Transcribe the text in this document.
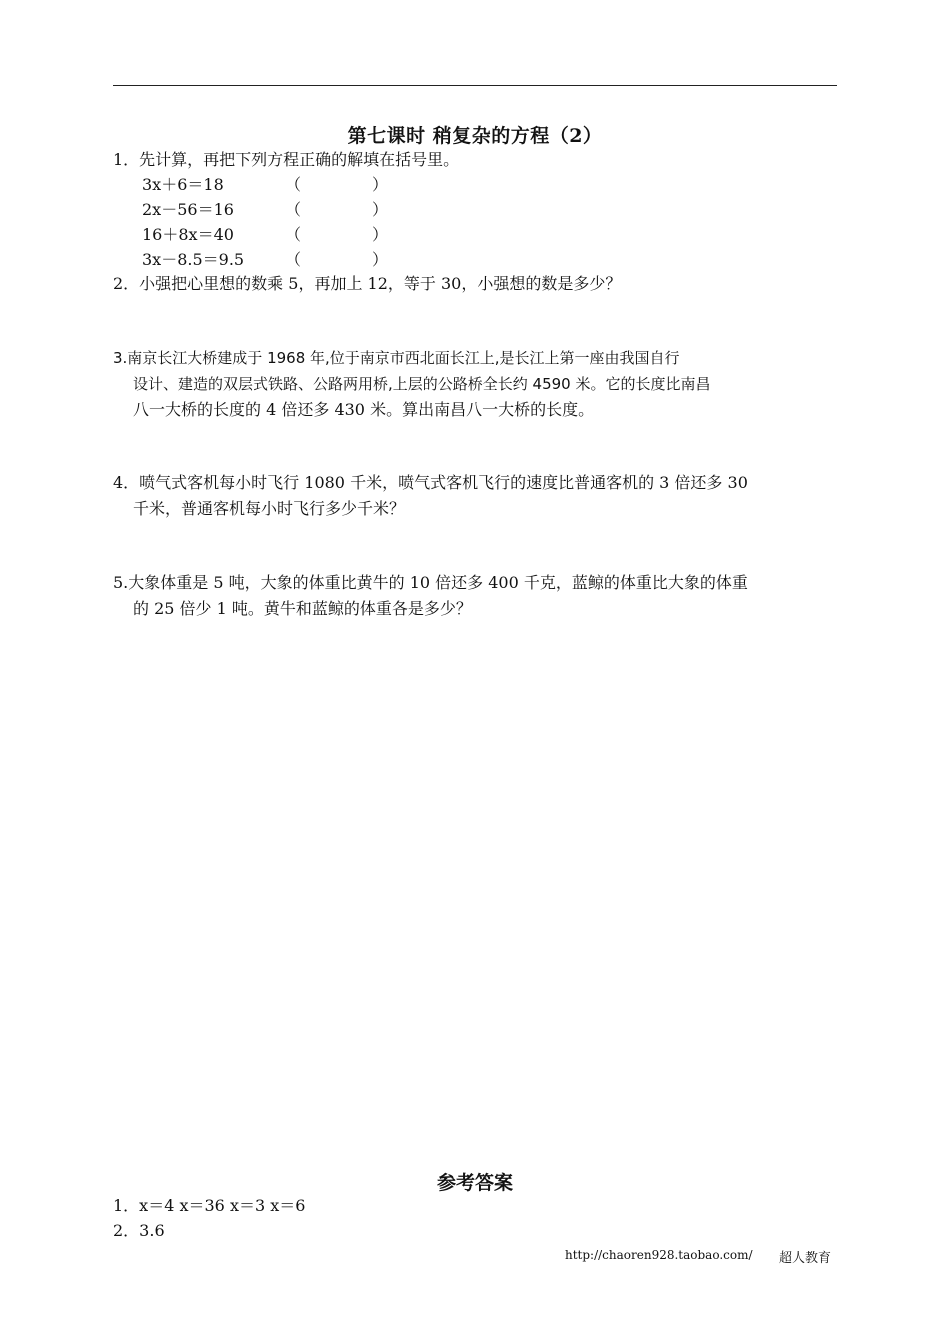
第七课时 稍复杂的方程（2）
1．先计算，再把下列方程正确的解填在括号里。
3x＋6＝18	（	）
2x－56＝16	（	）
16＋8x＝40	（	）
3x－8.5＝9.5	（	）
2．小强把心里想的数乘 5，再加上 12，等于 30，小强想的数是多少？
3.南京长江大桥建成于 1968 年,位于南京市西北面长江上,是长江上第一座由我国自行
设计、建造的双层式铁路、公路两用桥,上层的公路桥全长约 4590 米。它的长度比南昌
八一大桥的长度的 4 倍还多 430 米。算出南昌八一大桥的长度。
4．喷气式客机每小时飞行 1080 千米，喷气式客机飞行的速度比普通客机的 3 倍还多 30
千米，普通客机每小时飞行多少千米？
5.大象体重是 5 吨，大象的体重比黄牛的 10 倍还多 400 千克，蓝鲸的体重比大象的体重
的 25 倍少 1 吨。黄牛和蓝鲸的体重各是多少？
参考答案
1．x＝4 x＝36 x＝3 x＝6
2．3.6
http://chaoren928.taobao.com/ 超人教育
